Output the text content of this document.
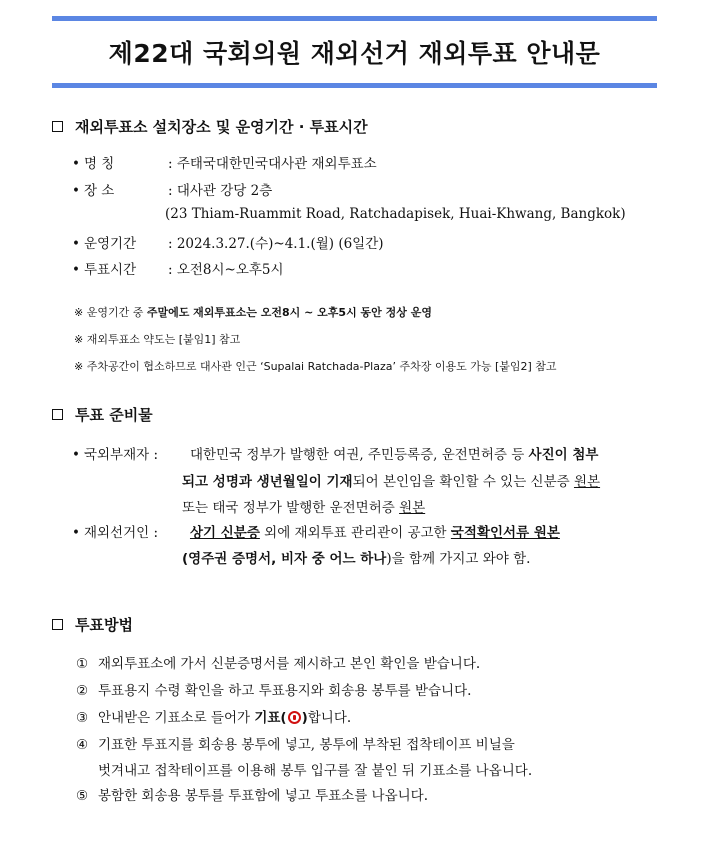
제22대 국회의원 재외선거 재외투표 안내문
재외투표소 설치장소 및 운영기간 · 투표시간
• 명 칭	: 주태국대한민국대사관 재외투표소
• 장 소	: 대사관 강당 2층
(23 Thiam-Ruammit Road, Ratchadapisek, Huai-Khwang, Bangkok)
• 운영기간 : 2024.3.27.(수)~4.1.(월) (6일간)
• 투표시간 : 오전8시~오후5시
※ 운영기간 중 주말에도 재외투표소는 오전8시 ~ 오후5시 동안 정상 운영
※ 재외투표소 약도는 [붙임1] 참고
※ 주차공간이 협소하므로 대사관 인근 ‘Supalai Ratchada-Plaza’ 주차장 이용도 가능 [붙임2] 참고
투표 준비물
• 국외부재자 : 대한민국 정부가 발행한 여권, 주민등록증, 운전면허증 등 사진이 첨부
되고 성명과 생년월일이 기재되어 본인임을 확인할 수 있는 신분증 원본
또는 태국 정부가 발행한 운전면허증 원본
• 재외선거인 : 상기 신분증 외에 재외투표 관리관이 공고한 국적확인서류 원본
(영주권 증명서, 비자 중 어느 하나)을 함께 가지고 와야 함.
투표방법
① 재외투표소에 가서 신분증명서를 제시하고 본인 확인을 받습니다.
② 투표용지 수령 확인을 하고 투표용지와 회송용 봉투를 받습니다.
③ 안내받은 기표소로 들어가 기표( )합니다.
④ 기표한 투표지를 회송용 봉투에 넣고, 봉투에 부착된 접착테이프 비닐을
벗겨내고 접착테이프를 이용해 봉투 입구를 잘 붙인 뒤 기표소를 나옵니다.
⑤ 봉함한 회송용 봉투를 투표함에 넣고 투표소를 나옵니다.
